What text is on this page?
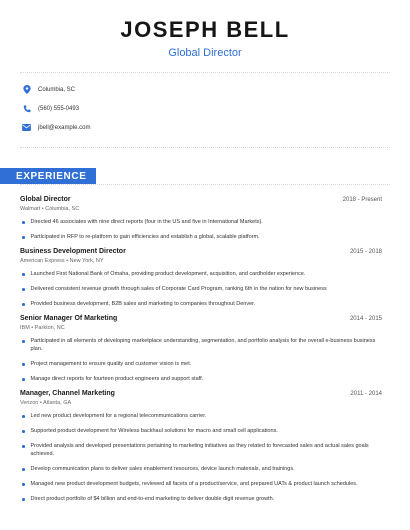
JOSEPH BELL
Global Director
Columbia, SC
(560) 555-0493
jbell@example.com
EXPERIENCE
Global Director	2018 - Present
Walmart • Columbia, SC
Directed 46 associates with nine direct reports (four in the US and five in International Markets).
Participated in RFP to re-platform to gain efficiencies and establish a global, scalable platform.
Business Development Director	2015 - 2018
American Express • New York, NY
Launched First National Bank of Omaha, providing product development, acquisition, and cardholder experience.
Delivered consistent revenue growth through sales of Corporate Card Program, ranking 6th in the nation for new business
Provided business development, B2B sales and marketing to companies throughout Denver.
Senior Manager Of Marketing	2014 - 2015
IBM • Parkton, NC
Participated in all elements of developing marketplace understanding, segmentation, and portfolio analysis for the overall e-business business plan.
Project management to ensure quality and customer vision is met.
Manage direct reports for fourteen product engineers and support staff.
Manager, Channel Marketing	2011 - 2014
Verizon • Atlanta, GA
Led new product development for a regional telecommunications carrier.
Supported product development for Wireless backhaul solutions for macro and small cell applications.
Provided analysis and developed presentations pertaining to marketing initiatives as they related to forecasted sales and actual sales goals achieved.
Develop communication plans to deliver sales enablement resources, device launch materials, and trainings.
Managed new product development budgets, reviewed all facets of a product/service, and prepared UATs & product launch schedules.
Direct product portfolio of $4 billion and end-to-end marketing to deliver double digit revenue growth.
